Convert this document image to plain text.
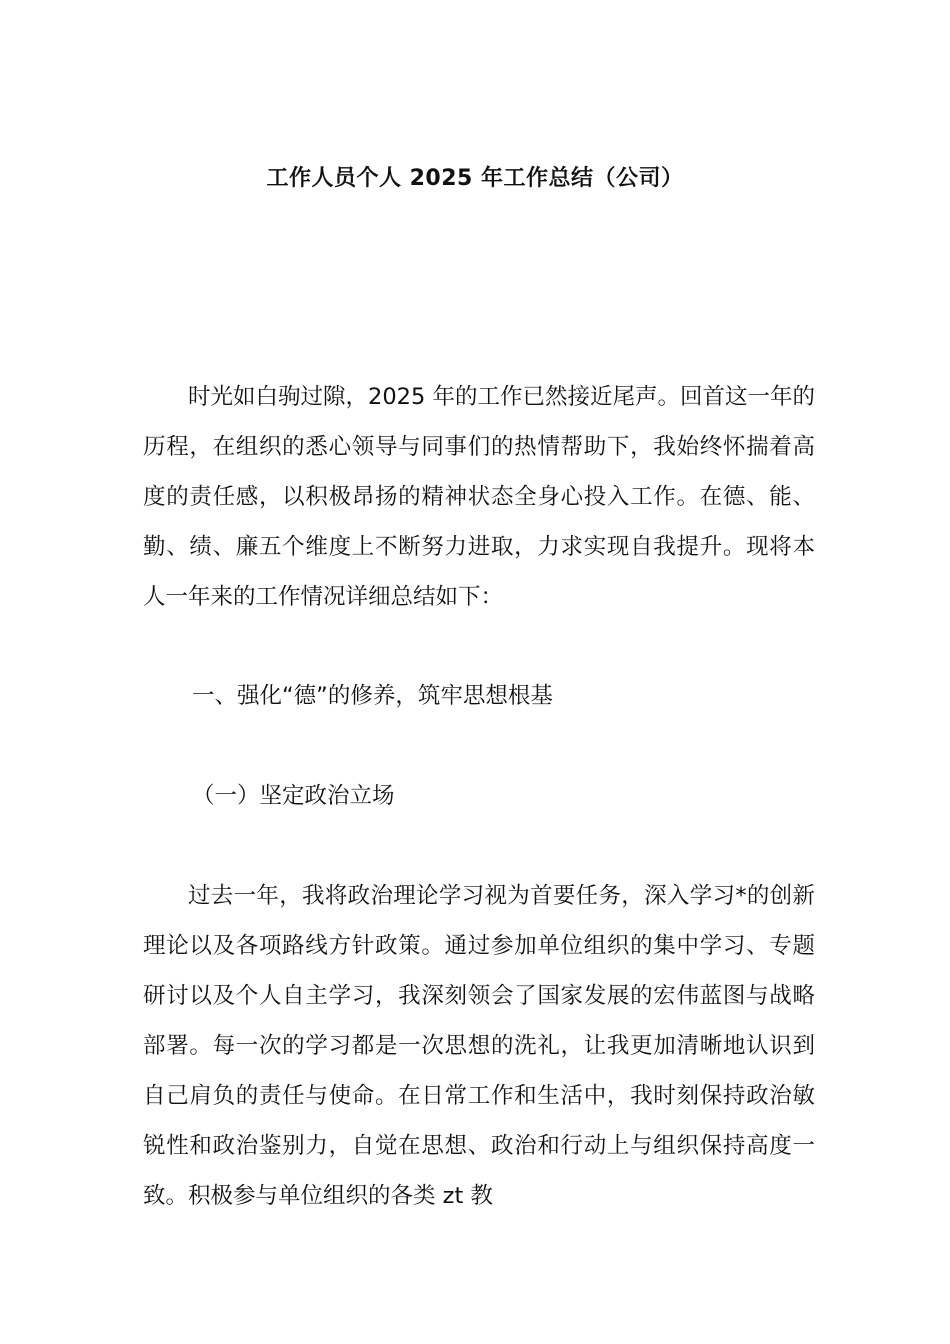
工作人员个人 2025 年工作总结（公司）

时光如白驹过隙，2025 年的工作已然接近尾声。回首这一年的历程，在组织的悉心领导与同事们的热情帮助下，我始终怀揣着高度的责任感，以积极昂扬的精神状态全身心投入工作。在德、能、勤、绩、廉五个维度上不断努力进取，力求实现自我提升。现将本人一年来的工作情况详细总结如下：

一、强化“德”的修养，筑牢思想根基

（一）坚定政治立场

过去一年，我将政治理论学习视为首要任务，深入学习*的创新理论以及各项路线方针政策。通过参加单位组织的集中学习、专题研讨以及个人自主学习，我深刻领会了国家发展的宏伟蓝图与战略部署。每一次的学习都是一次思想的洗礼，让我更加清晰地认识到自己肩负的责任与使命。在日常工作和生活中，我时刻保持政治敏锐性和政治鉴别力，自觉在思想、政治和行动上与组织保持高度一致。积极参与单位组织的各类 zt 教
